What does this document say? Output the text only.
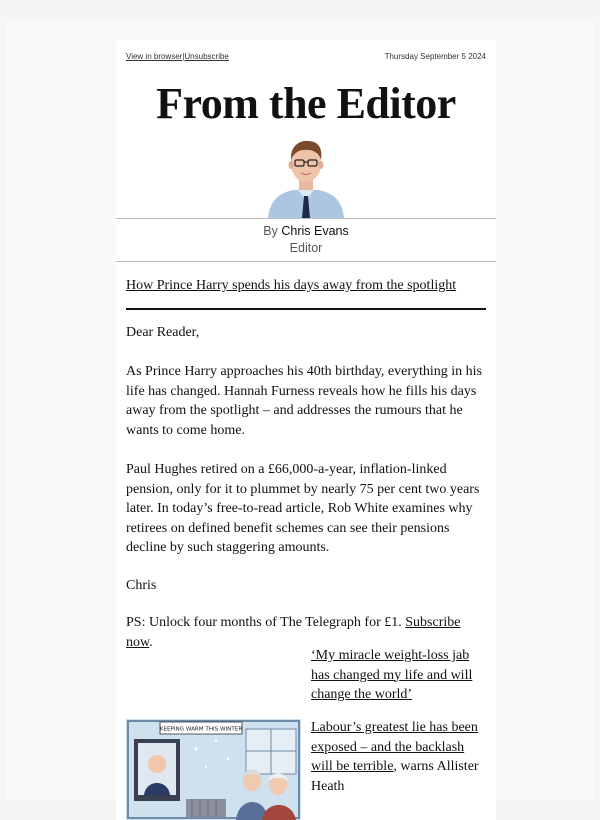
View in browser|Unsubscribe	Thursday September 5 2024
From the Editor
By Chris Evans
Editor
How Prince Harry spends his days away from the spotlight
Dear Reader,
As Prince Harry approaches his 40th birthday, everything in his life has changed. Hannah Furness reveals how he fills his days away from the spotlight – and addresses the rumours that he wants to come home.
Paul Hughes retired on a £66,000-a-year, inflation-linked pension, only for it to plummet by nearly 75 per cent two years later. In today’s free-to-read article, Rob White examines why retirees on defined benefit schemes can see their pensions decline by such staggering amounts.
Chris
PS: Unlock four months of The Telegraph for £1. Subscribe now.
‘My miracle weight-loss jab has changed my life and will change the world’
KEEPING WARM THIS WINTER	Labour’s greatest lie has been exposed – and the backlash will be terrible, warns Allister Heath
